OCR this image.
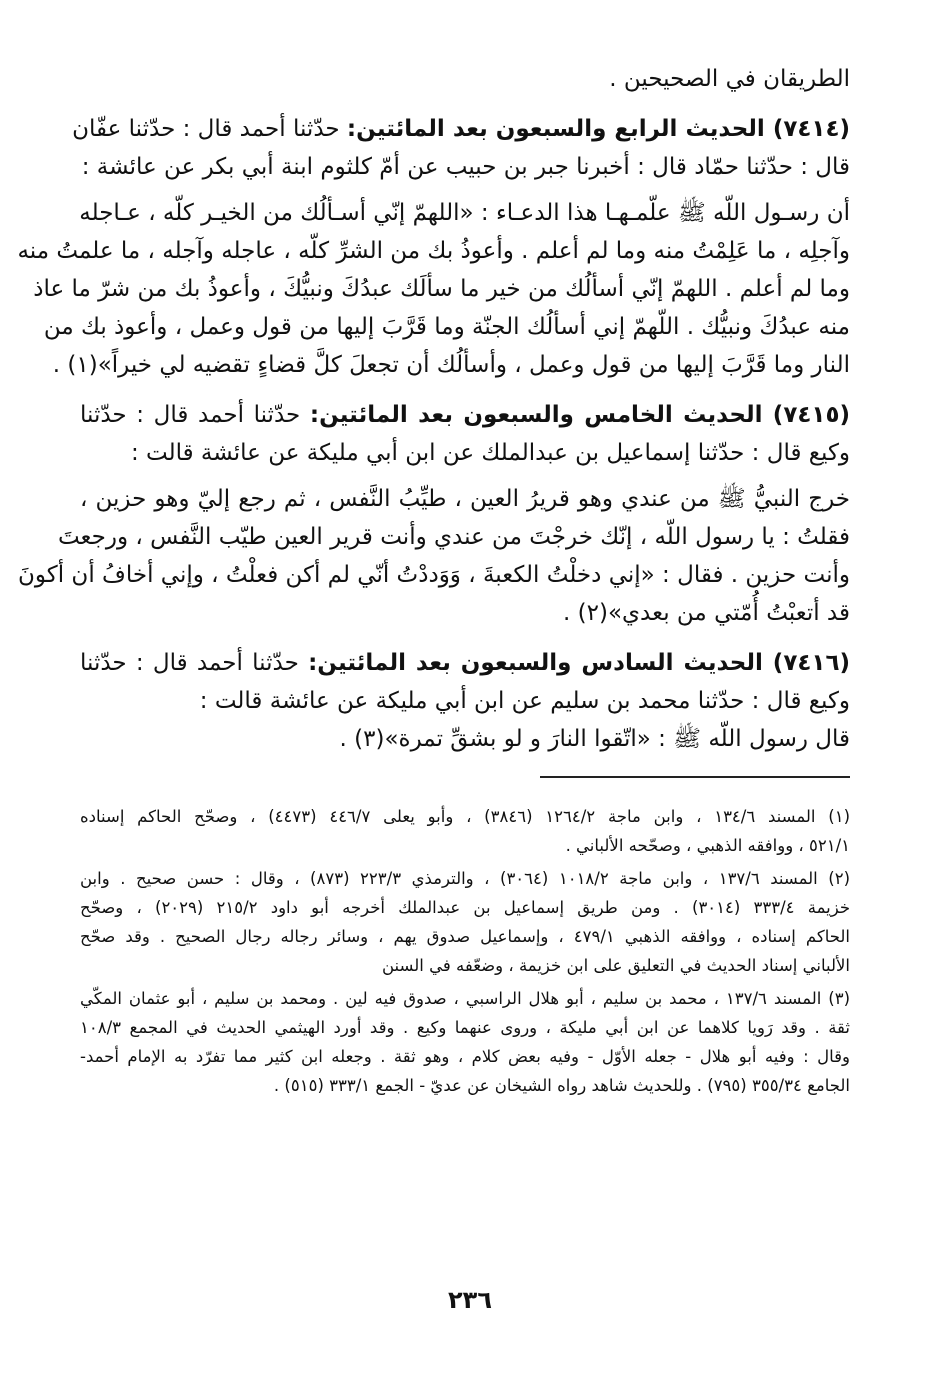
الطريقان في الصحيحين .
(٧٤١٤) الحديث الرابع والسبعون بعد المائتين: حدّثنا أحمد قال : حدّثنا عفّان
قال : حدّثنا حمّاد قال : أخبرنا جبر بن حبيب عن أمّ كلثوم ابنة أبي بكر عن عائشة :
أن رسـول اللّه ﷺ علّمـهـا هذا الدعـاء : «اللهمّ إنّي أسـألُك من الخيـر كلّه ، عـاجله
وآجلِه ، ما عَلِمْتُ منه وما لم أعلم . وأعوذُ بك من الشرِّ كلّه ، عاجله وآجله ، ما علمتُ منه
وما لم أعلم . اللهمّ إنّي أسألُك من خير ما سألَك عبدُكَ ونبيُّكَ ، وأعوذُ بك من شرّ ما عاذ
منه عبدُكَ ونبيُّك . اللّهمّ إني أسألُك الجنّة وما قَرَّبَ إليها من قول وعمل ، وأعوذ بك من
النار وما قَرَّبَ إليها من قول وعمل ، وأسألُك أن تجعلَ كلَّ قضاءٍ تقضيه لي خيراً»(١) .
(٧٤١٥) الحديث الخامس والسبعون بعد المائتين: حدّثنا أحمد قال : حدّثنا
وكيع قال : حدّثنا إسماعيل بن عبدالملك عن ابن أبي مليكة عن عائشة قالت :
خرج النبيُّ ﷺ من عندي وهو قريرُ العين ، طيِّبُ النَّفس ، ثم رجع إليّ وهو حزين ،
فقلتُ : يا رسول اللّه ، إنّك خرجْتَ من عندي وأنت قرير العين طيّب النَّفس ، ورجعتَ
وأنت حزين . فقال : «إني دخلْتُ الكعبةَ ، وَوَددْتُ أنّي لم أكن فعلْتُ ، وإني أخافُ أن أكونَ
قد أتعبْتُ أُمّتي من بعدي»(٢) .
(٧٤١٦) الحديث السادس والسبعون بعد المائتين: حدّثنا أحمد قال : حدّثنا
وكيع قال : حدّثنا محمد بن سليم عن ابن أبي مليكة عن عائشة قالت :
قال رسول اللّه ﷺ : «اتّقوا النارَ و لو بشقِّ تمرة»(٣) .
(١) المسند ١٣٤/٦ ، وابن ماجة ١٢٦٤/٢ (٣٨٤٦) ، وأبو يعلى ٤٤٦/٧ (٤٤٧٣) ، وصحّح الحاكم إسناده
٥٢١/١ ، ووافقه الذهبي ، وصحّحه الألباني .
(٢) المسند ١٣٧/٦ ، وابن ماجة ١٠١٨/٢ (٣٠٦٤) ، والترمذي ٢٢٣/٣ (٨٧٣) ، وقال : حسن صحيح . وابن
خزيمة ٣٣٣/٤ (٣٠١٤) . ومن طريق إسماعيل بن عبدالملك أخرجه أبو داود ٢١٥/٢ (٢٠٢٩) ، وصحّح
الحاكم إسناده ، ووافقه الذهبي ٤٧٩/١ ، وإسماعيل صدوق يهم ، وسائر رجاله رجال الصحيح . وقد صحّح
الألباني إسناد الحديث في التعليق على ابن خزيمة ، وضعّفه في السنن
(٣) المسند ١٣٧/٦ ، محمد بن سليم ، أبو هلال الراسبي ، صدوق فيه لين . ومحمد بن سليم ، أبو عثمان المكّي
ثقة . وقد رَويا كلاهما عن ابن أبي مليكة ، وروى عنهما وكيع . وقد أورد الهيثمي الحديث في المجمع ١٠٨/٣
وقال : وفيه أبو هلال - جعله الأوّل - وفيه بعض كلام ، وهو ثقة . وجعله ابن كثير مما تفرّد به الإمام أحمد-
الجامع ٣٥٥/٣٤ (٧٩٥) . وللحديث شاهد رواه الشيخان عن عديّ - الجمع ٣٣٣/١ (٥١٥) .
٢٣٦
